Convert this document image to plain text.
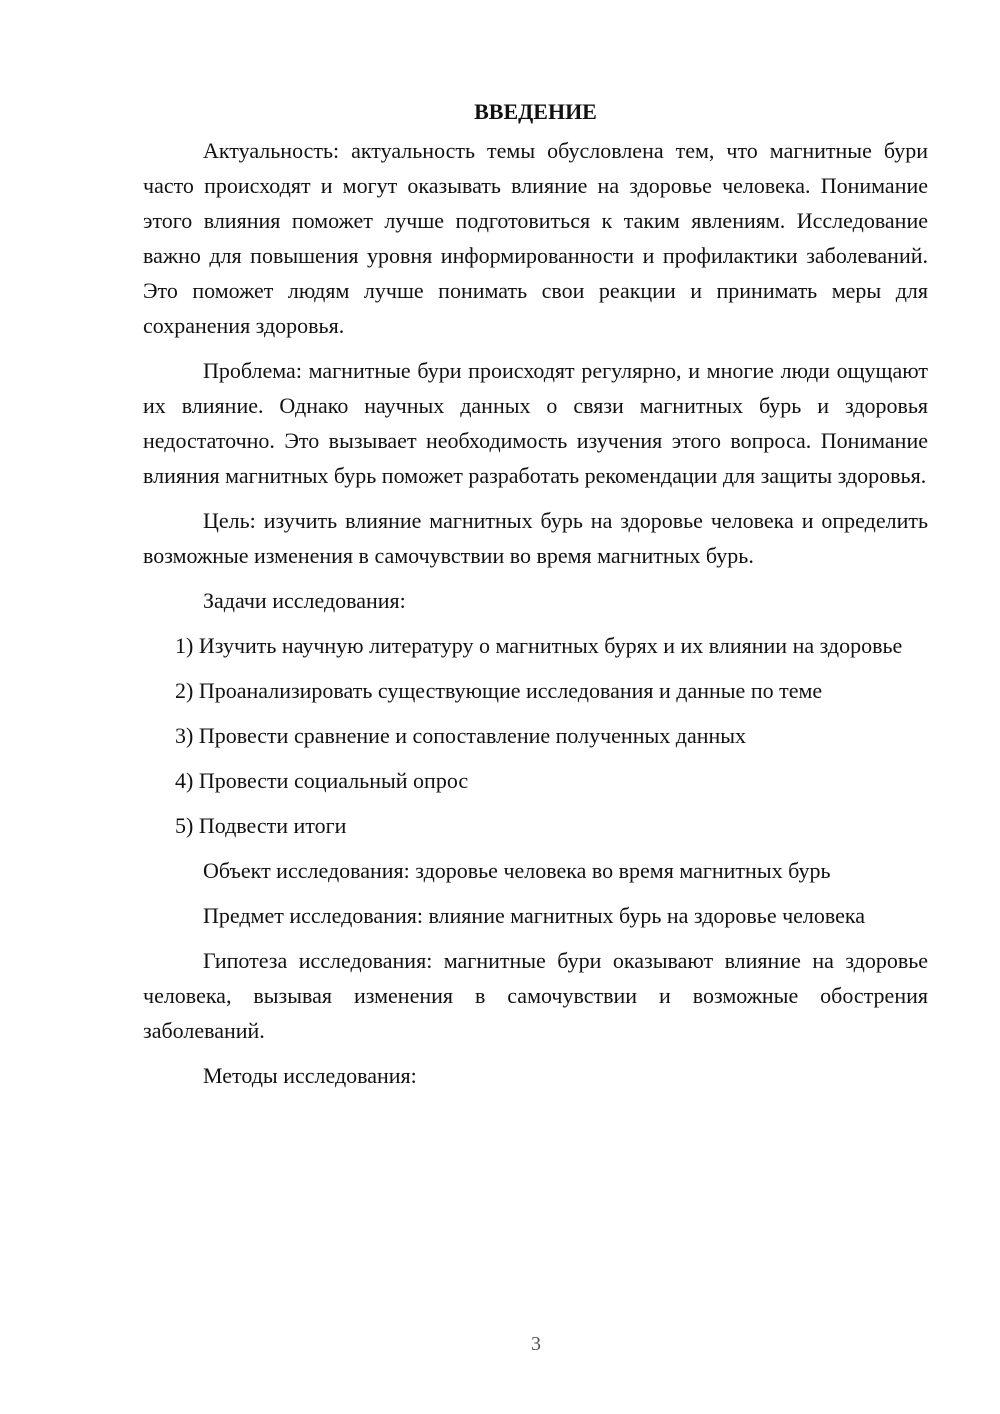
ВВЕДЕНИЕ

Актуальность: актуальность темы обусловлена тем, что магнитные бури часто происходят и могут оказывать влияние на здоровье человека. Понимание этого влияния поможет лучше подготовиться к таким явлениям. Исследование важно для повышения уровня информированности и профилактики заболеваний. Это поможет людям лучше понимать свои реакции и принимать меры для сохранения здоровья.

Проблема: магнитные бури происходят регулярно, и многие люди ощущают их влияние. Однако научных данных о связи магнитных бурь и здоровья недостаточно. Это вызывает необходимость изучения этого вопроса. Понимание влияния магнитных бурь поможет разработать рекомендации для защиты здоровья.

Цель: изучить влияние магнитных бурь на здоровье человека и определить возможные изменения в самочувствии во время магнитных бурь.

Задачи исследования:

1) Изучить научную литературу о магнитных бурях и их влиянии на здоровье

2) Проанализировать существующие исследования и данные по теме

3) Провести сравнение и сопоставление полученных данных

4) Провести социальный опрос

5) Подвести итоги

Объект исследования: здоровье человека во время магнитных бурь

Предмет исследования: влияние магнитных бурь на здоровье человека

Гипотеза исследования: магнитные бури оказывают влияние на здоровье человека, вызывая изменения в самочувствии и возможные обострения заболеваний.

Методы исследования:

3
